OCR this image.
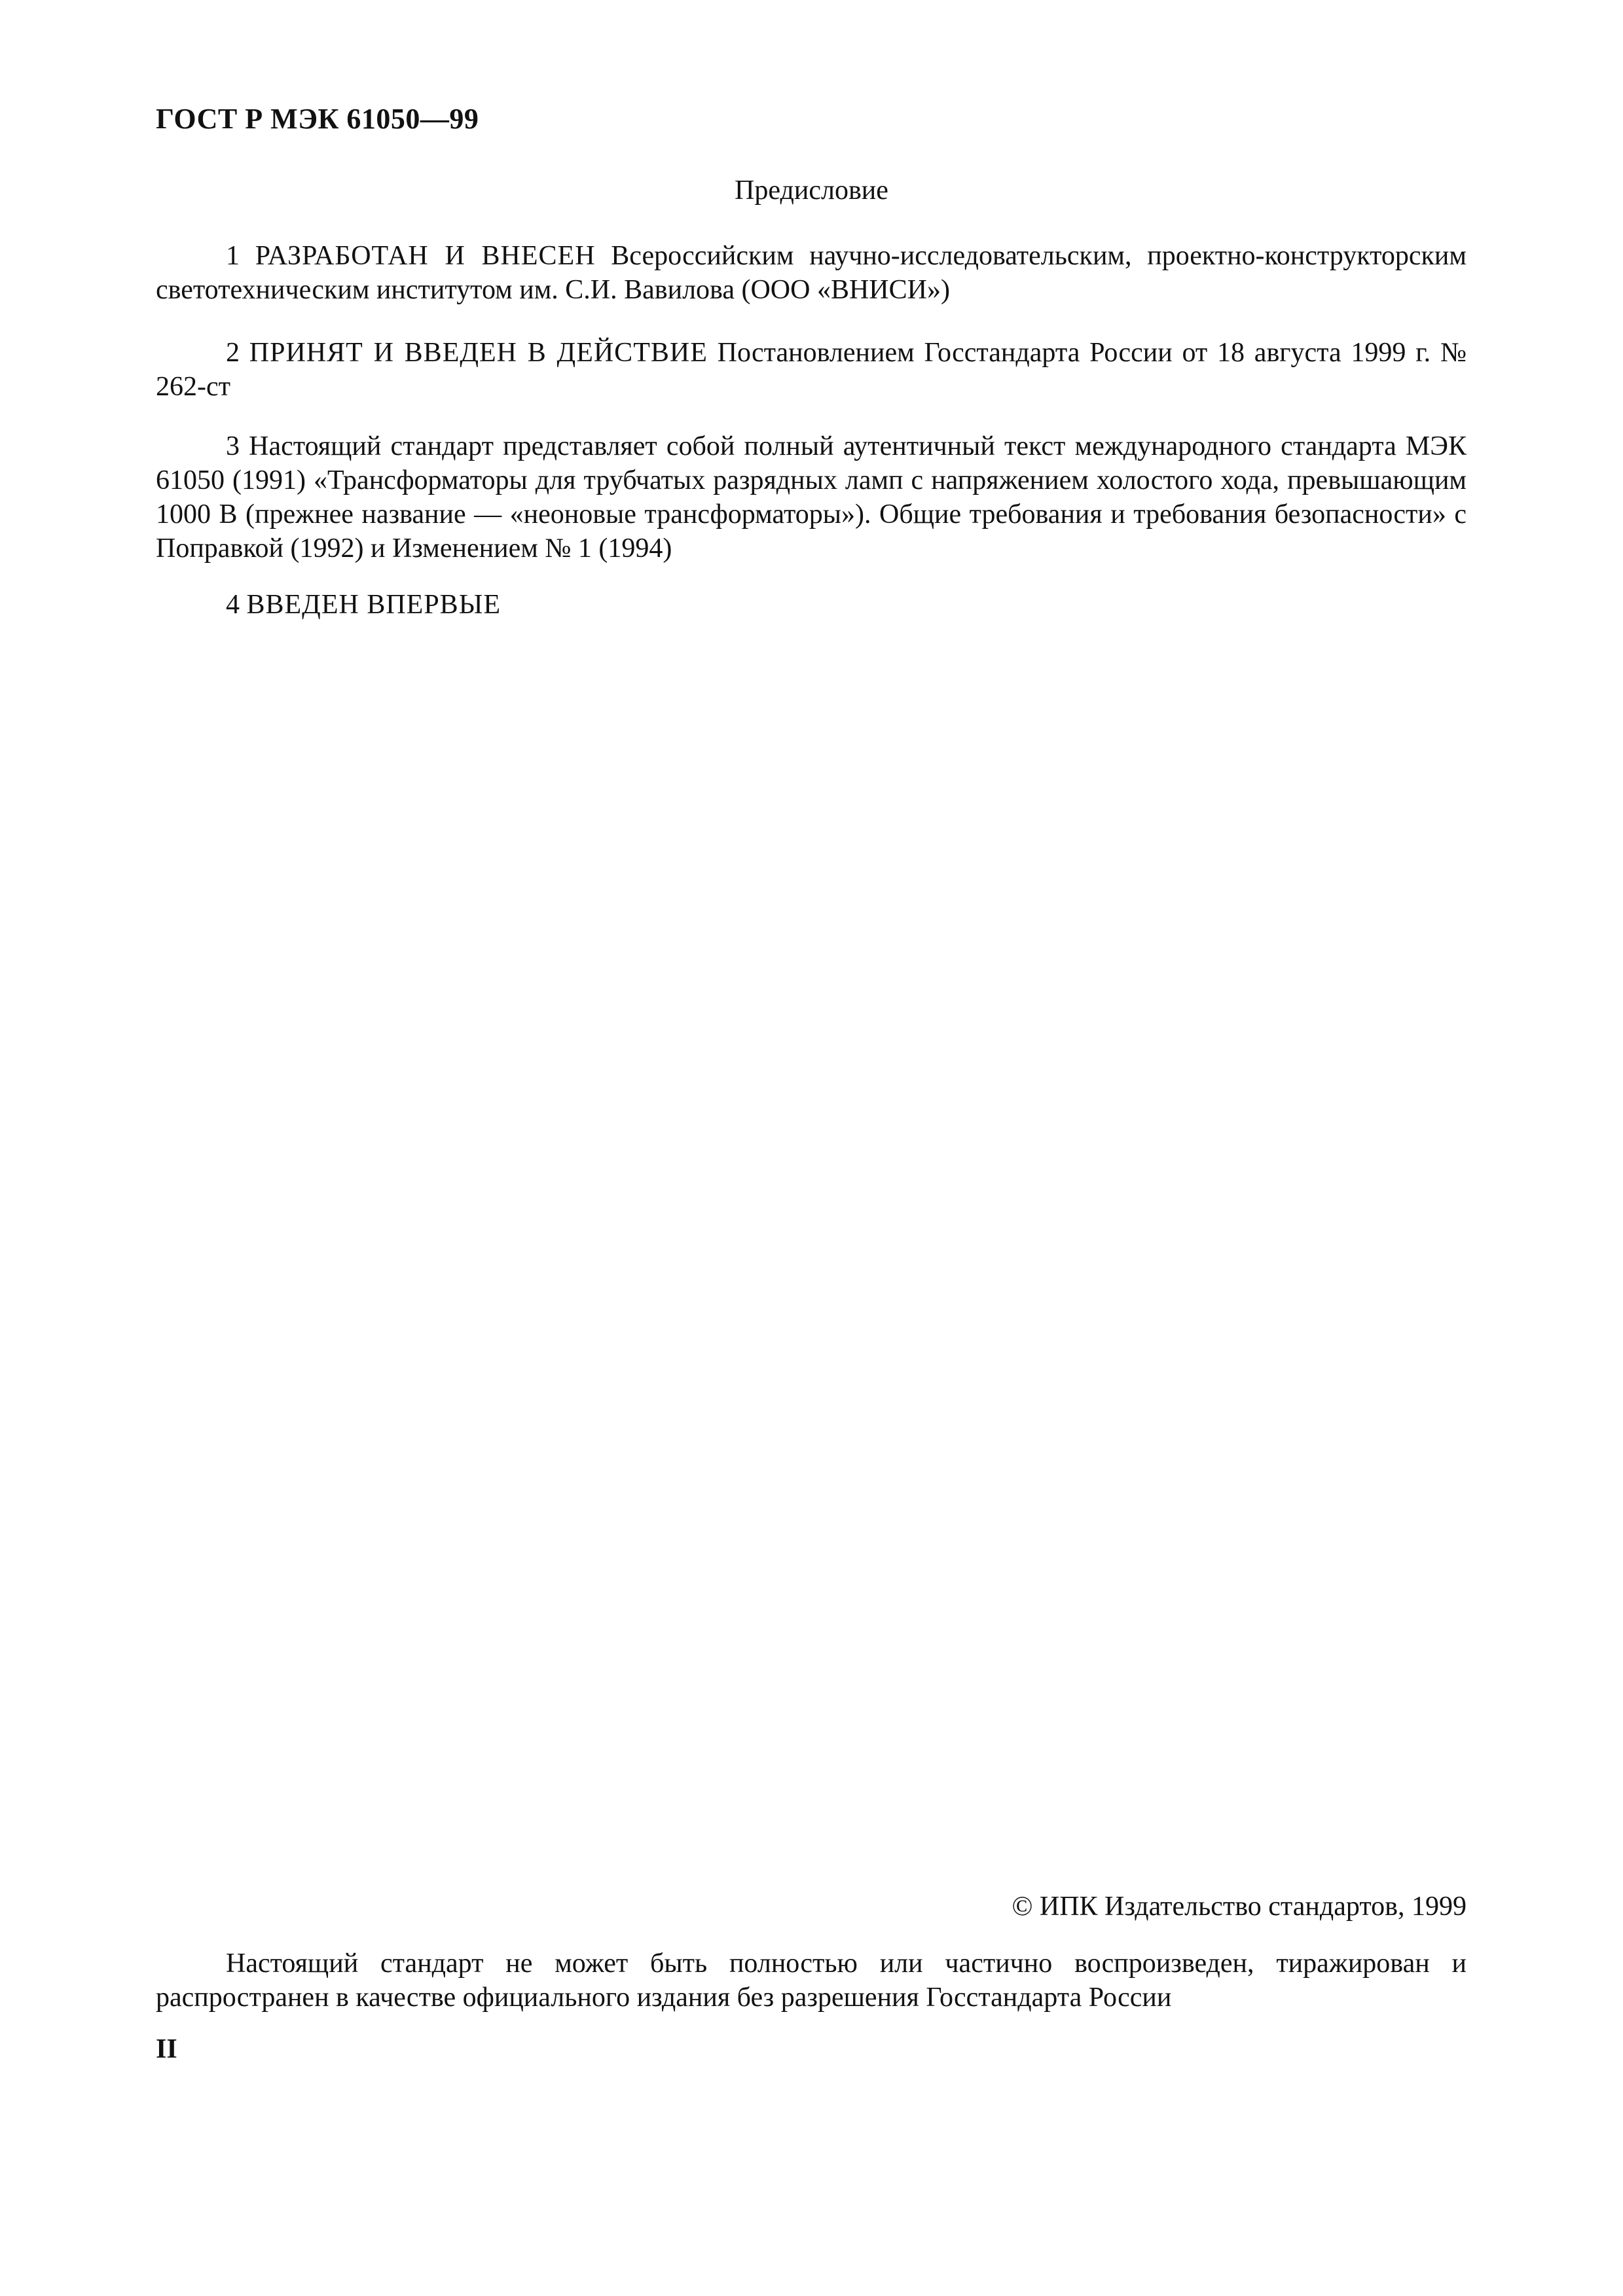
ГОСТ Р МЭК 61050—99
Предисловие
1 РАЗРАБОТАН И ВНЕСЕН Всероссийским научно-исследовательским, проектно-конструкторским светотехническим институтом им. С.И. Вавилова (ООО «ВНИСИ»)
2 ПРИНЯТ И ВВЕДЕН В ДЕЙСТВИЕ Постановлением Госстандарта России от 18 августа 1999 г. № 262-ст
3 Настоящий стандарт представляет собой полный аутентичный текст международного стандарта МЭК 61050 (1991) «Трансформаторы для трубчатых разрядных ламп с напряжением холостого хода, превышающим 1000 В (прежнее название — «неоновые трансформаторы»). Общие требования и требования безопасности» с Поправкой (1992) и Изменением № 1 (1994)
4 ВВЕДЕН ВПЕРВЫЕ
© ИПК Издательство стандартов, 1999
Настоящий стандарт не может быть полностью или частично воспроизведен, тиражирован и распространен в качестве официального издания без разрешения Госстандарта России
II
